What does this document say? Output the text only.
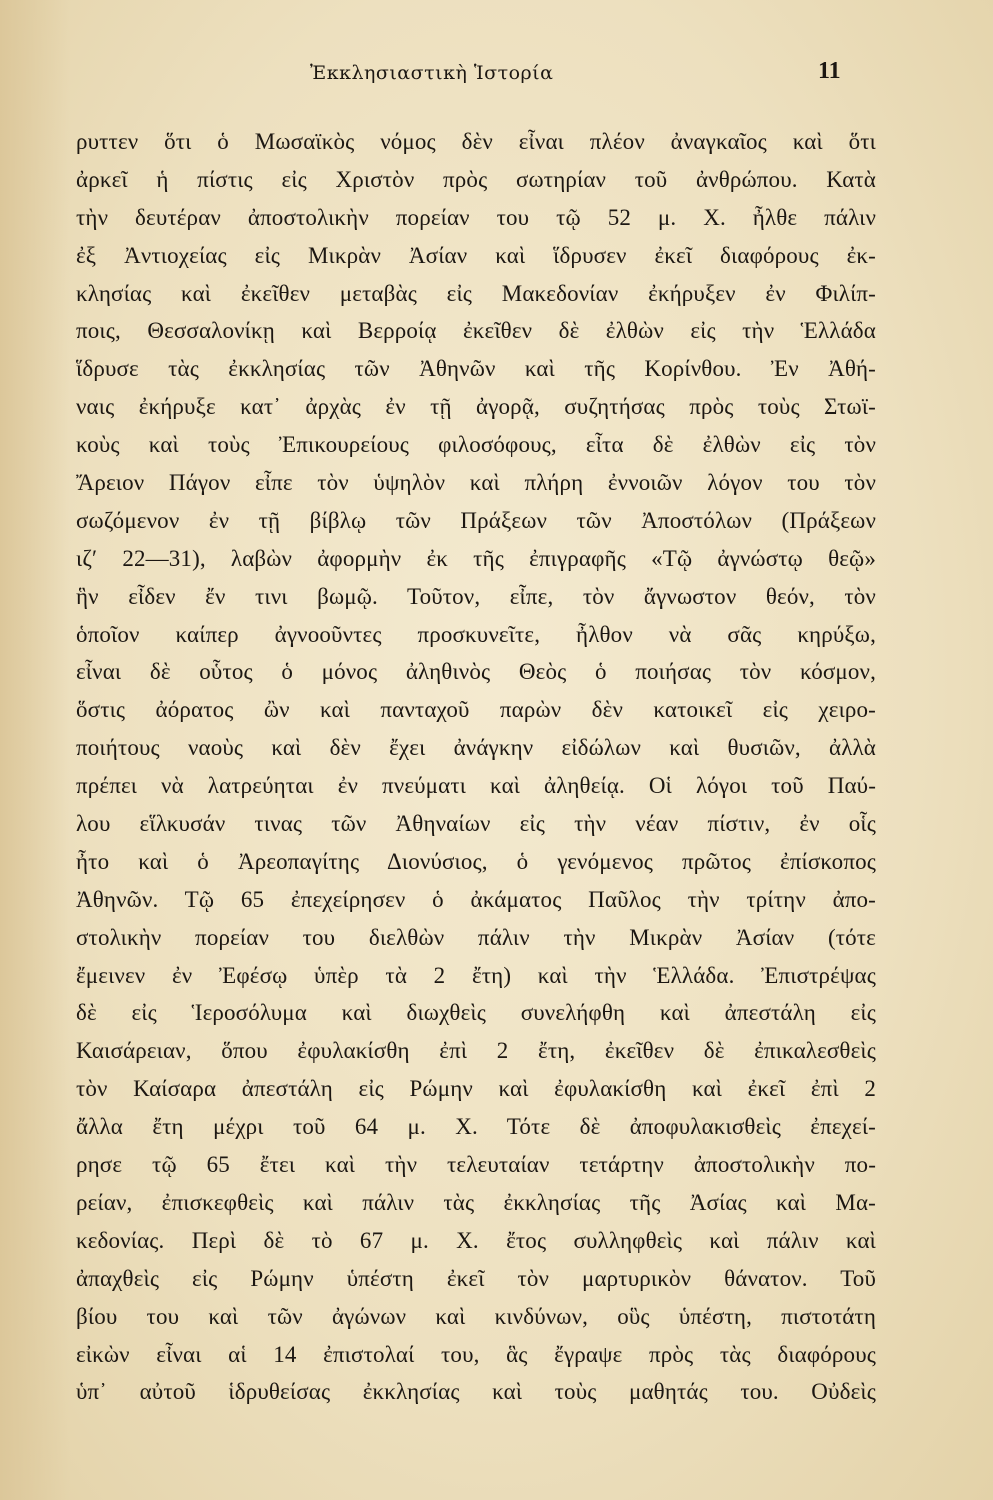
Ἐκκλησιαστικὴ Ἱστορία	11
ρυττεν ὅτι ὁ Μωσαϊκὸς νόμος δὲν εἶναι πλέον ἀναγκαῖος καὶ ὅτι
ἀρκεῖ ἡ πίστις εἰς Χριστὸν πρὸς σωτηρίαν τοῦ ἀνθρώπου. Κατὰ
τὴν δευτέραν ἀποστολικὴν πορείαν του τῷ 52 μ. Χ. ἦλθε πάλιν
ἐξ Ἀντιοχείας εἰς Μικρὰν Ἀσίαν καὶ ἵδρυσεν ἐκεῖ διαφόρους ἐκ-
κλησίας καὶ ἐκεῖθεν μεταβὰς εἰς Μακεδονίαν ἐκήρυξεν ἐν Φιλίπ-
ποις, Θεσσαλονίκῃ καὶ Βερροίᾳ ἐκεῖθεν δὲ ἐλθὼν εἰς τὴν Ἑλλάδα
ἵδρυσε τὰς ἐκκλησίας τῶν Ἀθηνῶν καὶ τῆς Κορίνθου. Ἐν Ἀθή-
ναις ἐκήρυξε κατ᾽ ἀρχὰς ἐν τῇ ἀγορᾷ, συζητήσας πρὸς τοὺς Στωϊ-
κοὺς καὶ τοὺς Ἐπικουρείους φιλοσόφους, εἶτα δὲ ἐλθὼν εἰς τὸν
Ἄρειον Πάγον εἶπε τὸν ὑψηλὸν καὶ πλήρη ἐννοιῶν λόγον του τὸν
σωζόμενον ἐν τῇ βίβλῳ τῶν Πράξεων τῶν Ἀποστόλων (Πράξεων
ιζ′ 22—31), λαβὼν ἀφορμὴν ἐκ τῆς ἐπιγραφῆς «Τῷ ἀγνώστῳ θεῷ»
ἣν εἶδεν ἔν τινι βωμῷ. Τοῦτον, εἶπε, τὸν ἄγνωστον θεόν, τὸν
ὁποῖον καίπερ ἀγνοοῦντες προσκυνεῖτε, ἦλθον νὰ σᾶς κηρύξω,
εἶναι δὲ οὗτος ὁ μόνος ἀληθινὸς Θεὸς ὁ ποιήσας τὸν κόσμον,
ὅστις ἀόρατος ὢν καὶ πανταχοῦ παρὼν δὲν κατοικεῖ εἰς χειρο-
ποιήτους ναοὺς καὶ δὲν ἔχει ἀνάγκην εἰδώλων καὶ θυσιῶν, ἀλλὰ
πρέπει νὰ λατρεύηται ἐν πνεύματι καὶ ἀληθείᾳ. Οἱ λόγοι τοῦ Παύ-
λου εἵλκυσάν τινας τῶν Ἀθηναίων εἰς τὴν νέαν πίστιν, ἐν οἷς
ἦτο καὶ ὁ Ἀρεοπαγίτης Διονύσιος, ὁ γενόμενος πρῶτος ἐπίσκοπος
Ἀθηνῶν. Τῷ 65 ἐπεχείρησεν ὁ ἀκάματος Παῦλος τὴν τρίτην ἀπο-
στολικὴν πορείαν του διελθὼν πάλιν τὴν Μικρὰν Ἀσίαν (τότε
ἔμεινεν ἐν Ἐφέσῳ ὑπὲρ τὰ 2 ἔτη) καὶ τὴν Ἑλλάδα. Ἐπιστρέψας
δὲ εἰς Ἱεροσόλυμα καὶ διωχθεὶς συνελήφθη καὶ ἀπεστάλη εἰς
Καισάρειαν, ὅπου ἐφυλακίσθη ἐπὶ 2 ἔτη, ἐκεῖθεν δὲ ἐπικαλεσθεὶς
τὸν Καίσαρα ἀπεστάλη εἰς Ρώμην καὶ ἐφυλακίσθη καὶ ἐκεῖ ἐπὶ 2
ἄλλα ἔτη μέχρι τοῦ 64 μ. Χ. Τότε δὲ ἀποφυλακισθεὶς ἐπεχεί-
ρησε τῷ 65 ἔτει καὶ τὴν τελευταίαν τετάρτην ἀποστολικὴν πο-
ρείαν, ἐπισκεφθεὶς καὶ πάλιν τὰς ἐκκλησίας τῆς Ἀσίας καὶ Μα-
κεδονίας. Περὶ δὲ τὸ 67 μ. Χ. ἔτος συλληφθεὶς καὶ πάλιν καὶ
ἀπαχθεὶς εἰς Ρώμην ὑπέστη ἐκεῖ τὸν μαρτυρικὸν θάνατον. Τοῦ
βίου του καὶ τῶν ἀγώνων καὶ κινδύνων, οὓς ὑπέστη, πιστοτάτη
εἰκὼν εἶναι αἱ 14 ἐπιστολαί του, ἃς ἔγραψε πρὸς τὰς διαφόρους
ὑπ᾽ αὐτοῦ ἱδρυθείσας ἐκκλησίας καὶ τοὺς μαθητάς του. Οὐδεὶς
